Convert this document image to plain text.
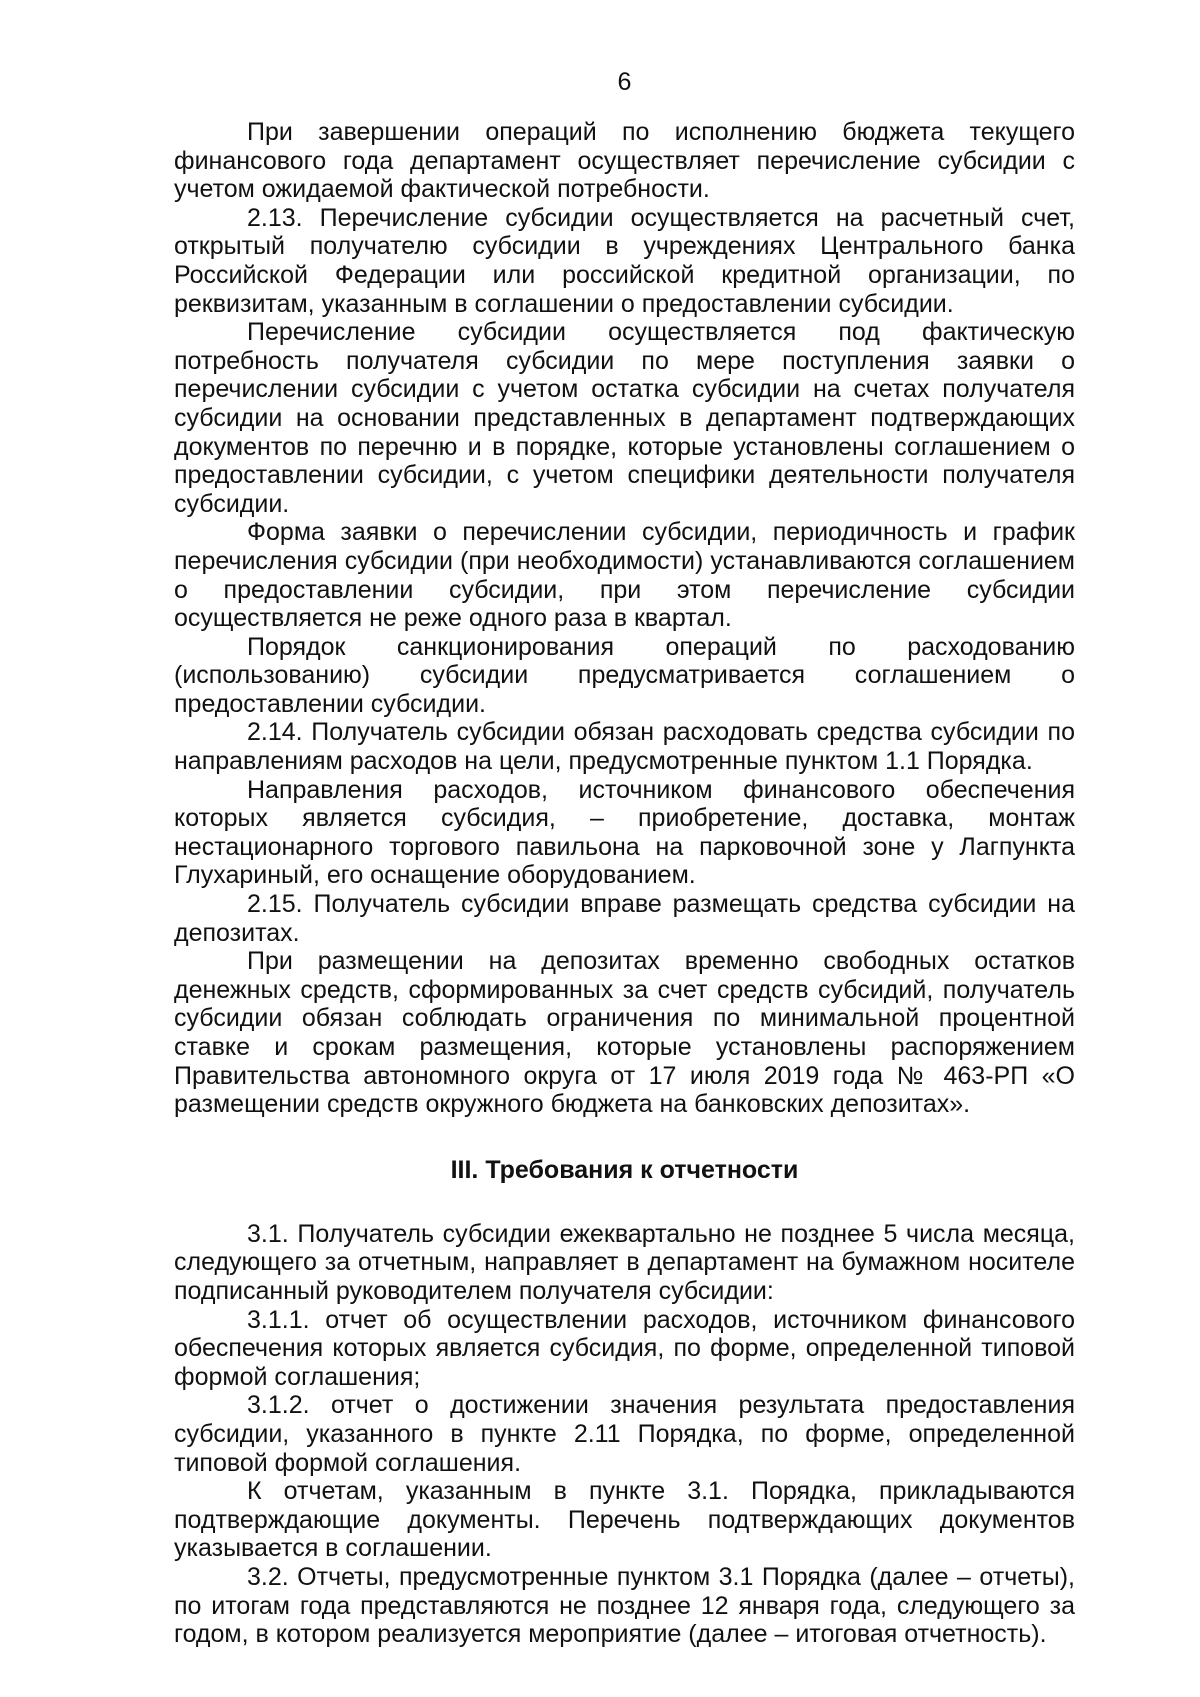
6

При завершении операций по исполнению бюджета текущего финансового года департамент осуществляет перечисление субсидии с учетом ожидаемой фактической потребности.

2.13. Перечисление субсидии осуществляется на расчетный счет, открытый получателю субсидии в учреждениях Центрального банка Российской Федерации или российской кредитной организации, по реквизитам, указанным в соглашении о предоставлении субсидии.

Перечисление субсидии осуществляется под фактическую потребность получателя субсидии по мере поступления заявки о перечислении субсидии с учетом остатка субсидии на счетах получателя субсидии на основании представленных в департамент подтверждающих документов по перечню и в порядке, которые установлены соглашением о предоставлении субсидии, с учетом специфики деятельности получателя субсидии.

Форма заявки о перечислении субсидии, периодичность и график перечисления субсидии (при необходимости) устанавливаются соглашением о предоставлении субсидии, при этом перечисление субсидии осуществляется не реже одного раза в квартал.

Порядок санкционирования операций по расходованию (использованию) субсидии предусматривается соглашением о предоставлении субсидии.

2.14. Получатель субсидии обязан расходовать средства субсидии по направлениям расходов на цели, предусмотренные пунктом 1.1 Порядка.

Направления расходов, источником финансового обеспечения которых является субсидия, – приобретение, доставка, монтаж нестационарного торгового павильона на парковочной зоне у Лагпункта Глухариный, его оснащение оборудованием.

2.15. Получатель субсидии вправе размещать средства субсидии на депозитах.

При размещении на депозитах временно свободных остатков денежных средств, сформированных за счет средств субсидий, получатель субсидии обязан соблюдать ограничения по минимальной процентной ставке и срокам размещения, которые установлены распоряжением Правительства автономного округа от 17 июля 2019 года № 463-РП «О размещении средств окружного бюджета на банковских депозитах».

III. Требования к отчетности

3.1. Получатель субсидии ежеквартально не позднее 5 числа месяца, следующего за отчетным, направляет в департамент на бумажном носителе подписанный руководителем получателя субсидии:

3.1.1. отчет об осуществлении расходов, источником финансового обеспечения которых является субсидия, по форме, определенной типовой формой соглашения;

3.1.2. отчет о достижении значения результата предоставления субсидии, указанного в пункте 2.11 Порядка, по форме, определенной типовой формой соглашения.

К отчетам, указанным в пункте 3.1. Порядка, прикладываются подтверждающие документы. Перечень подтверждающих документов указывается в соглашении.

3.2. Отчеты, предусмотренные пунктом 3.1 Порядка (далее – отчеты), по итогам года представляются не позднее 12 января года, следующего за годом, в котором реализуется мероприятие (далее – итоговая отчетность).
